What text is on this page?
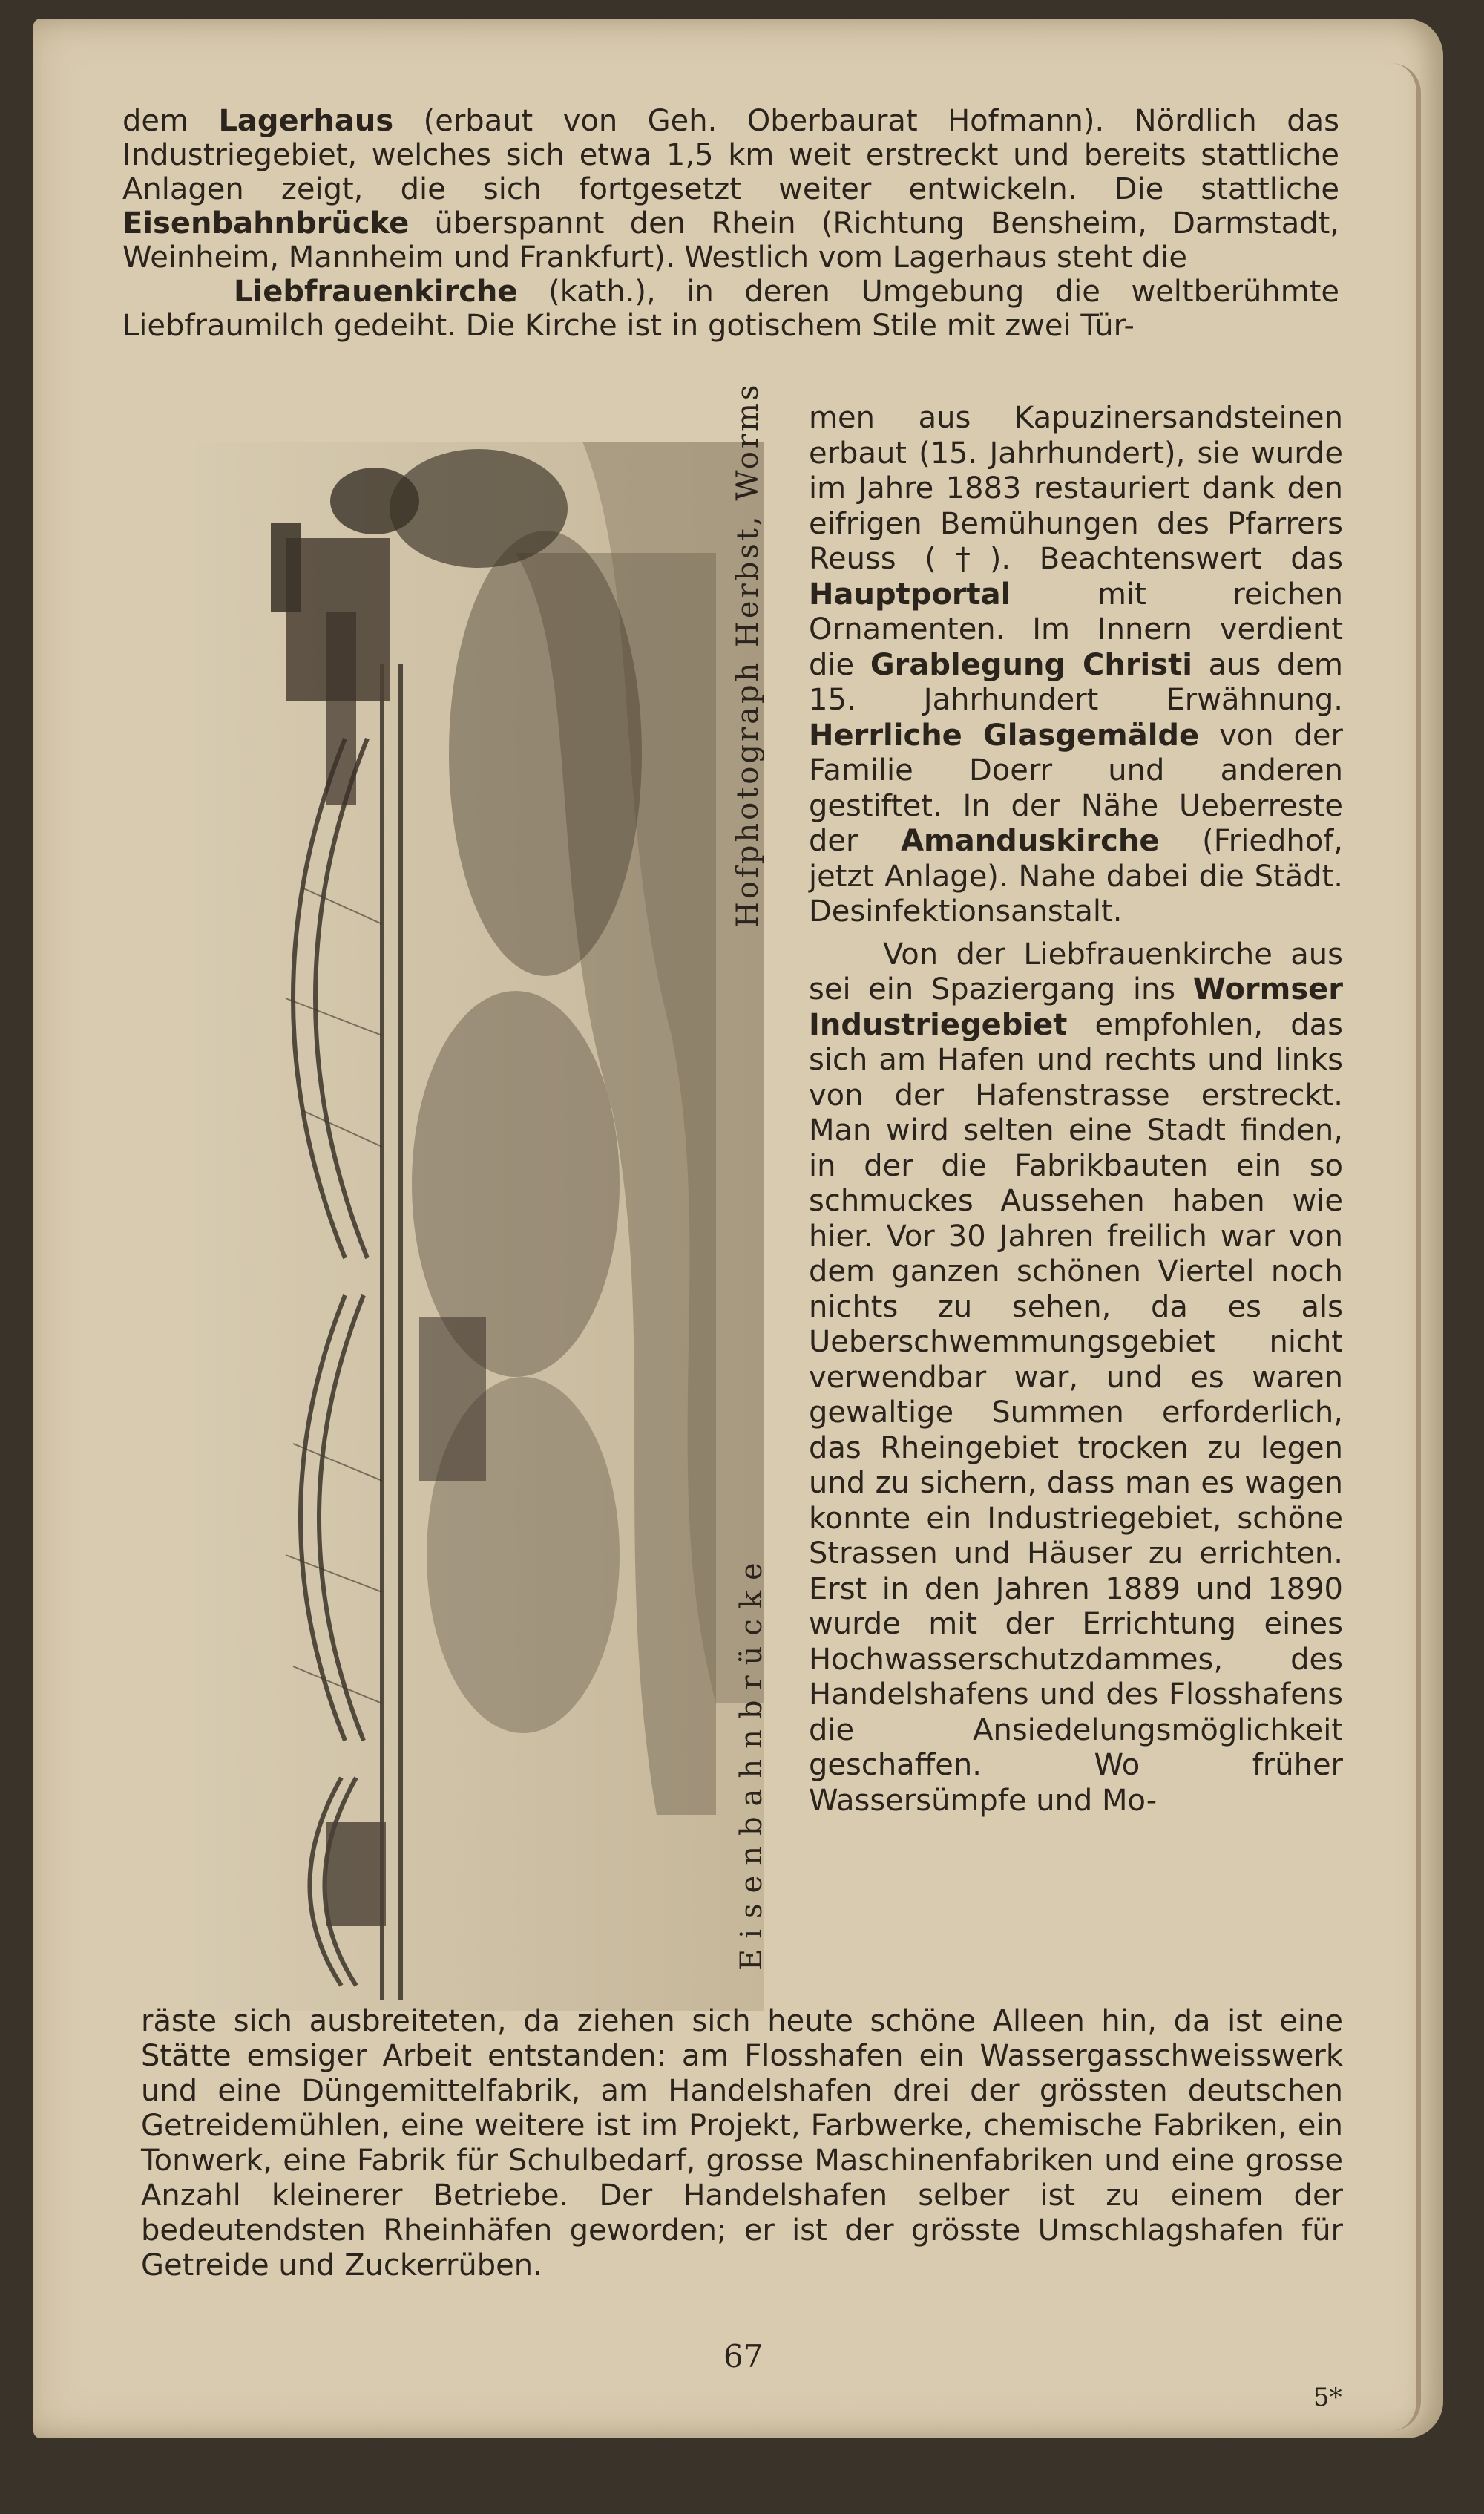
dem Lagerhaus (erbaut von Geh. Oberbaurat Hofmann). Nördlich das Industriegebiet, welches sich etwa 1,5 km weit erstreckt und bereits stattliche Anlagen zeigt, die sich fortgesetzt weiter entwickeln. Die stattliche Eisenbahnbrücke überspannt den Rhein (Richtung Bensheim, Darmstadt, Weinheim, Mannheim und Frankfurt). Westlich vom Lagerhaus steht die
Liebfrauenkirche (kath.), in deren Umgebung die weltberühmte Liebfraumilch gedeiht. Die Kirche ist in gotischem Stile mit zwei Tür-
Hofphotograph Herbst, Worms
Eisenbahnbrücke

men aus Kapuzinersandsteinen erbaut (15. Jahrhundert), sie wurde im Jahre 1883 restauriert dank den eifrigen Bemühungen des Pfarrers Reuss (†). Beachtenswert das Hauptportal mit reichen Ornamenten. Im Innern verdient die Grablegung Christi aus dem 15. Jahrhundert Erwähnung. Herrliche Glasgemälde von der Familie Doerr und anderen gestiftet. In der Nähe Ueberreste der Amanduskirche (Friedhof, jetzt Anlage). Nahe dabei die Städt. Desinfektionsanstalt.

Von der Liebfrauenkirche aus sei ein Spaziergang ins Wormser Industriegebiet empfohlen, das sich am Hafen und rechts und links von der Hafenstrasse erstreckt. Man wird selten eine Stadt finden, in der die Fabrikbauten ein so schmuckes Aussehen haben wie hier. Vor 30 Jahren freilich war von dem ganzen schönen Viertel noch nichts zu sehen, da es als Ueberschwemmungsgebiet nicht verwendbar war, und es waren gewaltige Summen erforderlich, das Rheingebiet trocken zu legen und zu sichern, dass man es wagen konnte ein Industriegebiet, schöne Strassen und Häuser zu errichten. Erst in den Jahren 1889 und 1890 wurde mit der Errichtung eines Hochwasserschutzdammes, des Handelshafens und des Flosshafens die Ansiedelungsmöglichkeit geschaffen. Wo früher Wassersümpfe und Mo-

räste sich ausbreiteten, da ziehen sich heute schöne Alleen hin, da ist eine Stätte emsiger Arbeit entstanden: am Flosshafen ein Wassergasschweisswerk und eine Düngemittelfabrik, am Handelshafen drei der grössten deutschen Getreidemühlen, eine weitere ist im Projekt, Farbwerke, chemische Fabriken, ein Tonwerk, eine Fabrik für Schulbedarf, grosse Maschinenfabriken und eine grosse Anzahl kleinerer Betriebe. Der Handelshafen selber ist zu einem der bedeutendsten Rheinhäfen geworden; er ist der grösste Umschlagshafen für Getreide und Zuckerrüben.
67
5*
